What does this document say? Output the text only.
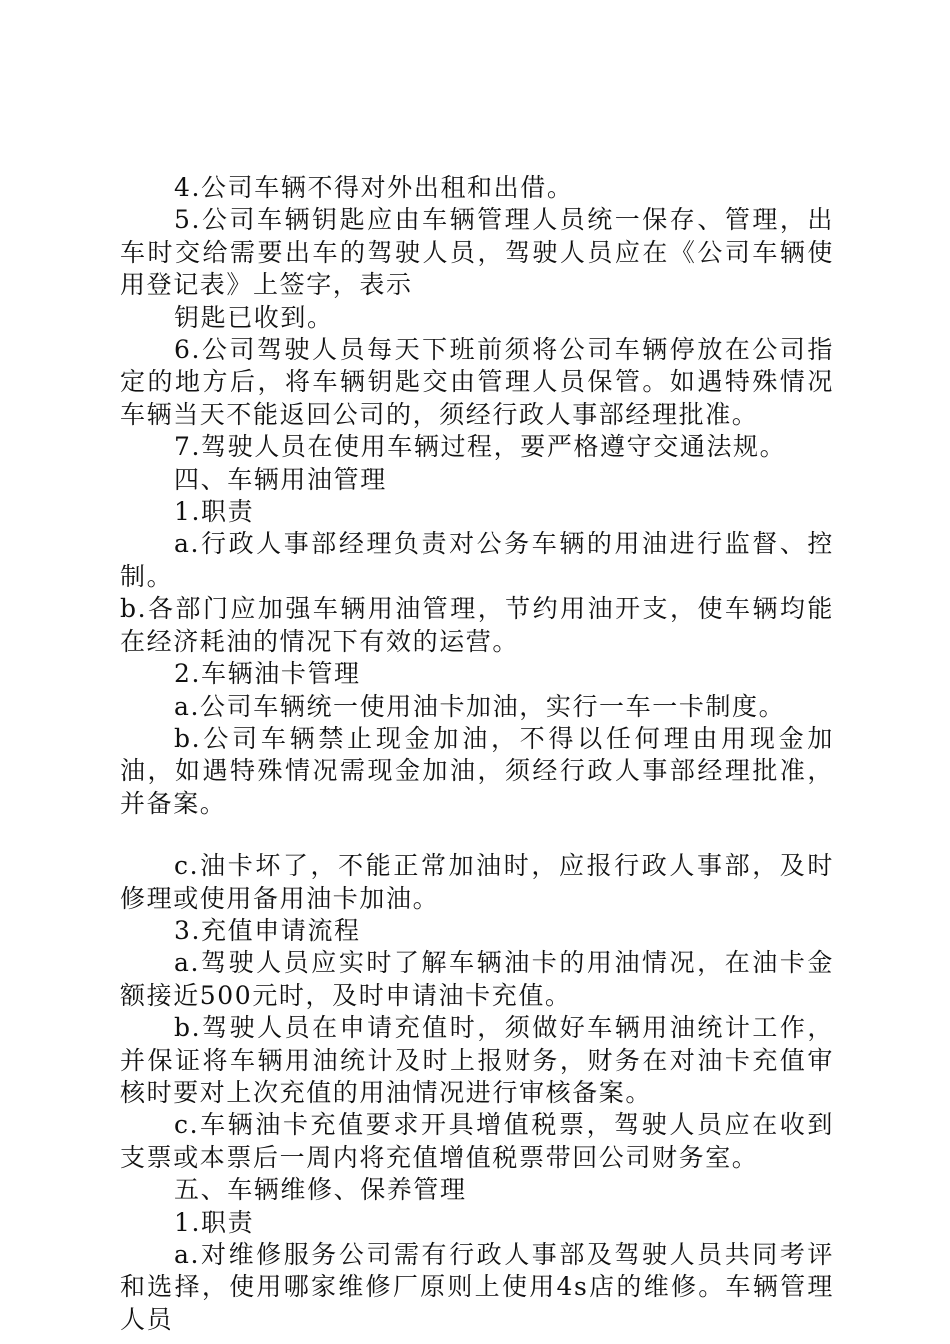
4.公司车辆不得对外出租和出借。

5.公司车辆钥匙应由车辆管理人员统一保存、管理，出车时交给需要出车的驾驶人员，驾驶人员应在《公司车辆使用登记表》上签字，表示

钥匙已收到。

6.公司驾驶人员每天下班前须将公司车辆停放在公司指定的地方后，将车辆钥匙交由管理人员保管。如遇特殊情况车辆当天不能返回公司的，须经行政人事部经理批准。

7.驾驶人员在使用车辆过程，要严格遵守交通法规。

四、车辆用油管理

1.职责

a.行政人事部经理负责对公务车辆的用油进行监督、控制。

b.各部门应加强车辆用油管理，节约用油开支，使车辆均能在经济耗油的情况下有效的运营。

2.车辆油卡管理

a.公司车辆统一使用油卡加油，实行一车一卡制度。

b.公司车辆禁止现金加油，不得以任何理由用现金加油，如遇特殊情况需现金加油，须经行政人事部经理批准，并备案。

c.油卡坏了，不能正常加油时，应报行政人事部，及时修理或使用备用油卡加油。

3.充值申请流程

a.驾驶人员应实时了解车辆油卡的用油情况，在油卡金额接近500元时，及时申请油卡充值。

b.驾驶人员在申请充值时，须做好车辆用油统计工作，并保证将车辆用油统计及时上报财务，财务在对油卡充值审核时要对上次充值的用油情况进行审核备案。

c.车辆油卡充值要求开具增值税票，驾驶人员应在收到支票或本票后一周内将充值增值税票带回公司财务室。

五、车辆维修、保养管理

1.职责

a.对维修服务公司需有行政人事部及驾驶人员共同考评和选择，使用哪家维修厂原则上使用4s店的维修。车辆管理人员
